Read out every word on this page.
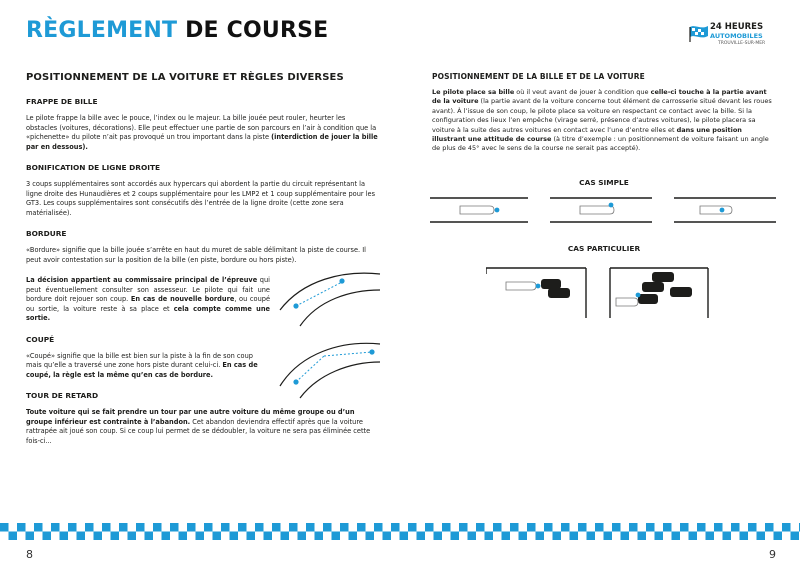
RÈGLEMENT DE COURSE	24 HEURES
AUTOMOBILES
TROUVILLE-SUR-MER
POSITIONNEMENT DE LA VOITURE ET RÈGLES DIVERSES
FRAPPE DE BILLE

Le pilote frappe la bille avec le pouce, l’index ou le majeur. La bille jouée peut rouler, heurter les obstacles (voitures, décorations). Elle peut effectuer une partie de son parcours en l’air à condition que la «pichenette» du pilote n’ait pas provoqué un trou important dans la piste (interdiction de jouer la bille par en dessous).

BONIFICATION DE LIGNE DROITE

3 coups supplémentaires sont accordés aux hypercars qui abordent la partie du circuit représentant la ligne droite des Hunaudières et 2 coups supplémentaire pour les LMP2 et 1 coup supplémentaire pour les GT3. Les coups supplémentaires sont consécutifs dès l’entrée de la ligne droite (cette zone sera matérialisée).

BORDURE

«Bordure» signifie que la bille jouée s’arrête en haut du muret de sable délimitant la piste de course. Il peut avoir contestation sur la position de la bille (en piste, bordure ou hors piste).

La décision appartient au commissaire principal de l’épreuve qui peut éventuellement consulter son assesseur. Le pilote qui fait une bordure doit rejouer son coup. En cas de nouvelle bordure, ou coupé ou sortie, la voiture reste à sa place et cela compte comme une sortie.

COUPÉ

«Coupé» signifie que la bille est bien sur la piste à la fin de son coup mais qu’elle a traversé une zone hors piste durant celui-ci. En cas de coupé, la règle est la même qu’en cas de bordure.

TOUR DE RETARD

Toute voiture qui se fait prendre un tour par une autre voiture du même groupe ou d’un groupe inférieur est contrainte à l’abandon. Cet abandon deviendra effectif après que la voiture rattrapée ait joué son coup. Si ce coup lui permet de se dédoubler, la voiture ne sera pas éliminée cette fois-ci...

POSITIONNEMENT DE LA BILLE ET DE LA VOITURE

Le pilote place sa bille où il veut avant de jouer à condition que celle-ci touche à la partie avant de la voiture (la partie avant de la voiture concerne tout élément de carrosserie situé devant les roues avant). À l’issue de son coup, le pilote place sa voiture en respectant ce contact avec la bille. Si la configuration des lieux l’en empêche (virage serré, présence d’autres voitures), le pilote placera sa voiture à la suite des autres voitures en contact avec l’une d’entre elles et dans une position illustrant une attitude de course (à titre d’exemple : un positionnement de voiture faisant un angle de plus de 45° avec le sens de la course ne serait pas accepté).

CAS SIMPLE
CAS PARTICULIER
8	9
